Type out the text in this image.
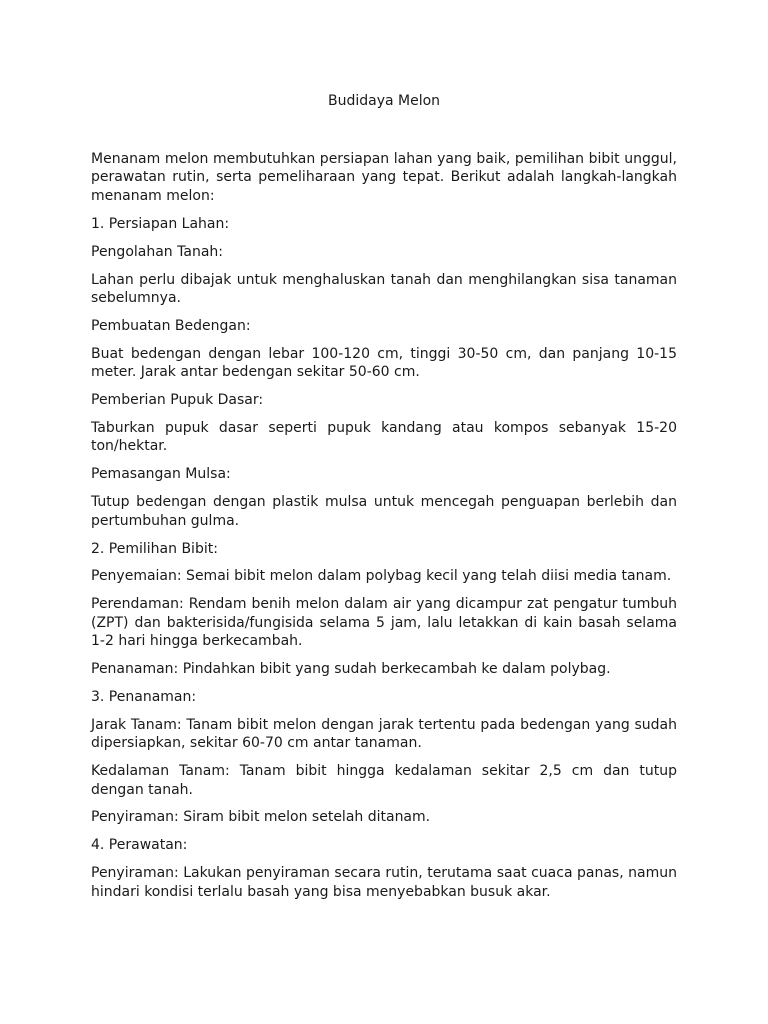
Budidaya Melon

Menanam melon membutuhkan persiapan lahan yang baik, pemilihan bibit unggul, perawatan rutin, serta pemeliharaan yang tepat. Berikut adalah langkah-langkah menanam melon:

1. Persiapan Lahan:

Pengolahan Tanah:

Lahan perlu dibajak untuk menghaluskan tanah dan menghilangkan sisa tanaman sebelumnya.

Pembuatan Bedengan:

Buat bedengan dengan lebar 100-120 cm, tinggi 30-50 cm, dan panjang 10-15 meter. Jarak antar bedengan sekitar 50-60 cm.

Pemberian Pupuk Dasar:

Taburkan pupuk dasar seperti pupuk kandang atau kompos sebanyak 15-20 ton/hektar.

Pemasangan Mulsa:

Tutup bedengan dengan plastik mulsa untuk mencegah penguapan berlebih dan pertumbuhan gulma.

2. Pemilihan Bibit:

Penyemaian: Semai bibit melon dalam polybag kecil yang telah diisi media tanam.

Perendaman: Rendam benih melon dalam air yang dicampur zat pengatur tumbuh (ZPT) dan bakterisida/fungisida selama 5 jam, lalu letakkan di kain basah selama 1-2 hari hingga berkecambah.

Penanaman: Pindahkan bibit yang sudah berkecambah ke dalam polybag.

3. Penanaman:

Jarak Tanam: Tanam bibit melon dengan jarak tertentu pada bedengan yang sudah dipersiapkan, sekitar 60-70 cm antar tanaman.

Kedalaman Tanam: Tanam bibit hingga kedalaman sekitar 2,5 cm dan tutup dengan tanah.

Penyiraman: Siram bibit melon setelah ditanam.

4. Perawatan:

Penyiraman: Lakukan penyiraman secara rutin, terutama saat cuaca panas, namun hindari kondisi terlalu basah yang bisa menyebabkan busuk akar.
